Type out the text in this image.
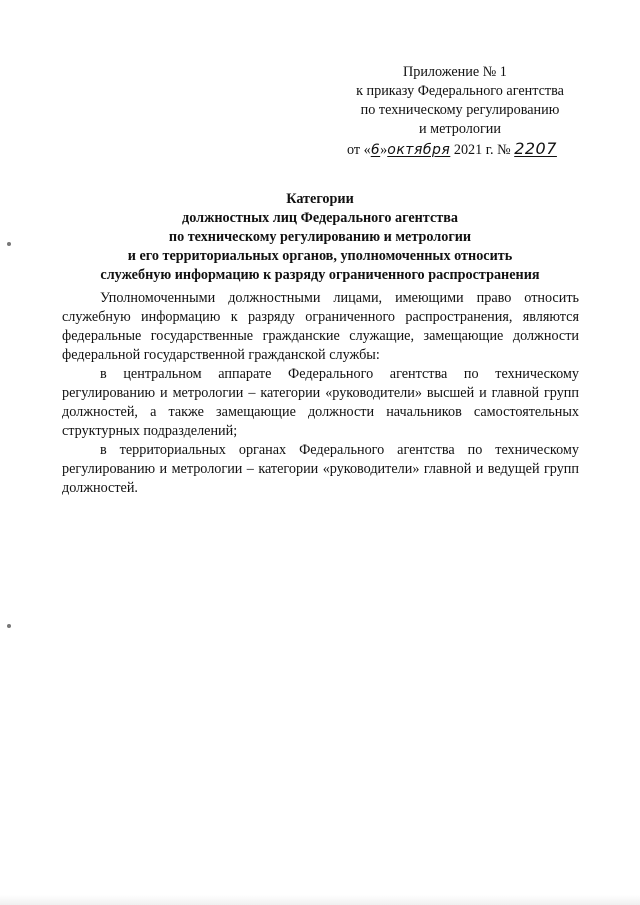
Приложение № 1
к приказу Федерального агентства
по техническому регулированию
и метрологии
от «6»октября 2021 г. № 2207
Категории
должностных лиц Федерального агентства
по техническому регулированию и метрологии
и его территориальных органов, уполномоченных относить
служебную информацию к разряду ограниченного распространения

Уполномоченными должностными лицами, имеющими право относить служебную информацию к разряду ограниченного распространения, являются федеральные государственные гражданские служащие, замещающие должности федеральной государственной гражданской службы:

в центральном аппарате Федерального агентства по техническому регулированию и метрологии – категории «руководители» высшей и главной групп должностей, а также замещающие должности начальников самостоятельных структурных подразделений;

в территориальных органах Федерального агентства по техническому регулированию и метрологии – категории «руководители» главной и ведущей групп должностей.
